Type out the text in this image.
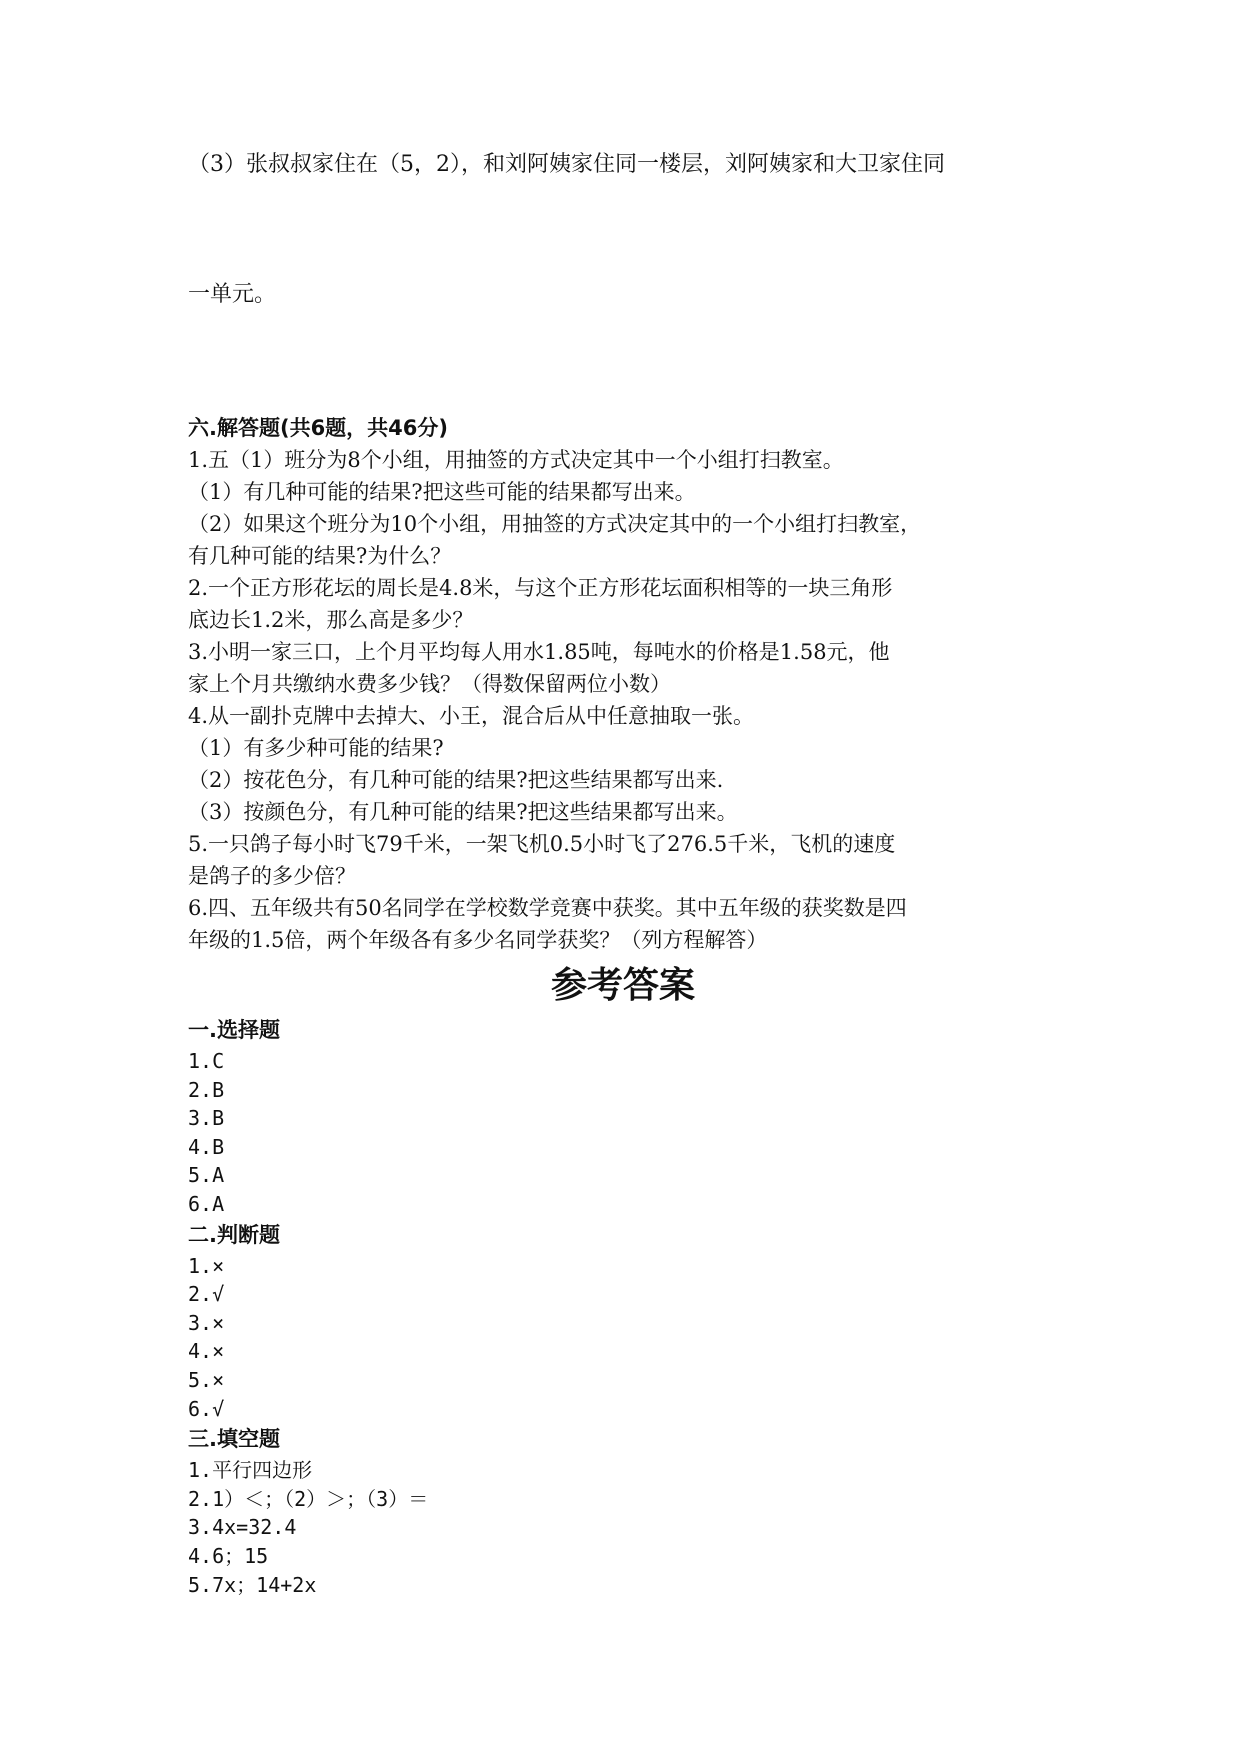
（3）张叔叔家住在（5，2），和刘阿姨家住同一楼层，刘阿姨家和大卫家住同
一单元。
六.解答题(共6题，共46分)
1.五（1）班分为8个小组，用抽签的方式决定其中一个小组打扫教室。
（1）有几种可能的结果?把这些可能的结果都写出来。
（2）如果这个班分为10个小组，用抽签的方式决定其中的一个小组打扫教室，
有几种可能的结果?为什么？
2.一个正方形花坛的周长是4.8米，与这个正方形花坛面积相等的一块三角形
底边长1.2米，那么高是多少？
3.小明一家三口，上个月平均每人用水1.85吨，每吨水的价格是1.58元，他
家上个月共缴纳水费多少钱？（得数保留两位小数）
4.从一副扑克牌中去掉大、小王，混合后从中任意抽取一张。
（1）有多少种可能的结果?
（2）按花色分，有几种可能的结果?把这些结果都写出来.
（3）按颜色分，有几种可能的结果?把这些结果都写出来。
5.一只鸽子每小时飞79千米，一架飞机0.5小时飞了276.5千米，飞机的速度
是鸽子的多少倍？
6.四、五年级共有50名同学在学校数学竞赛中获奖。其中五年级的获奖数是四
年级的1.5倍，两个年级各有多少名同学获奖？（列方程解答）
参考答案
一.选择题
1.C
2.B
3.B
4.B
5.A
6.A
二.判断题
1.×
2.√
3.×
4.×
5.×
6.√
三.填空题
1.平行四边形
2.1）＜；（2）＞；（3）＝
3.4x=32.4
4.6；15
5.7x；14+2x
